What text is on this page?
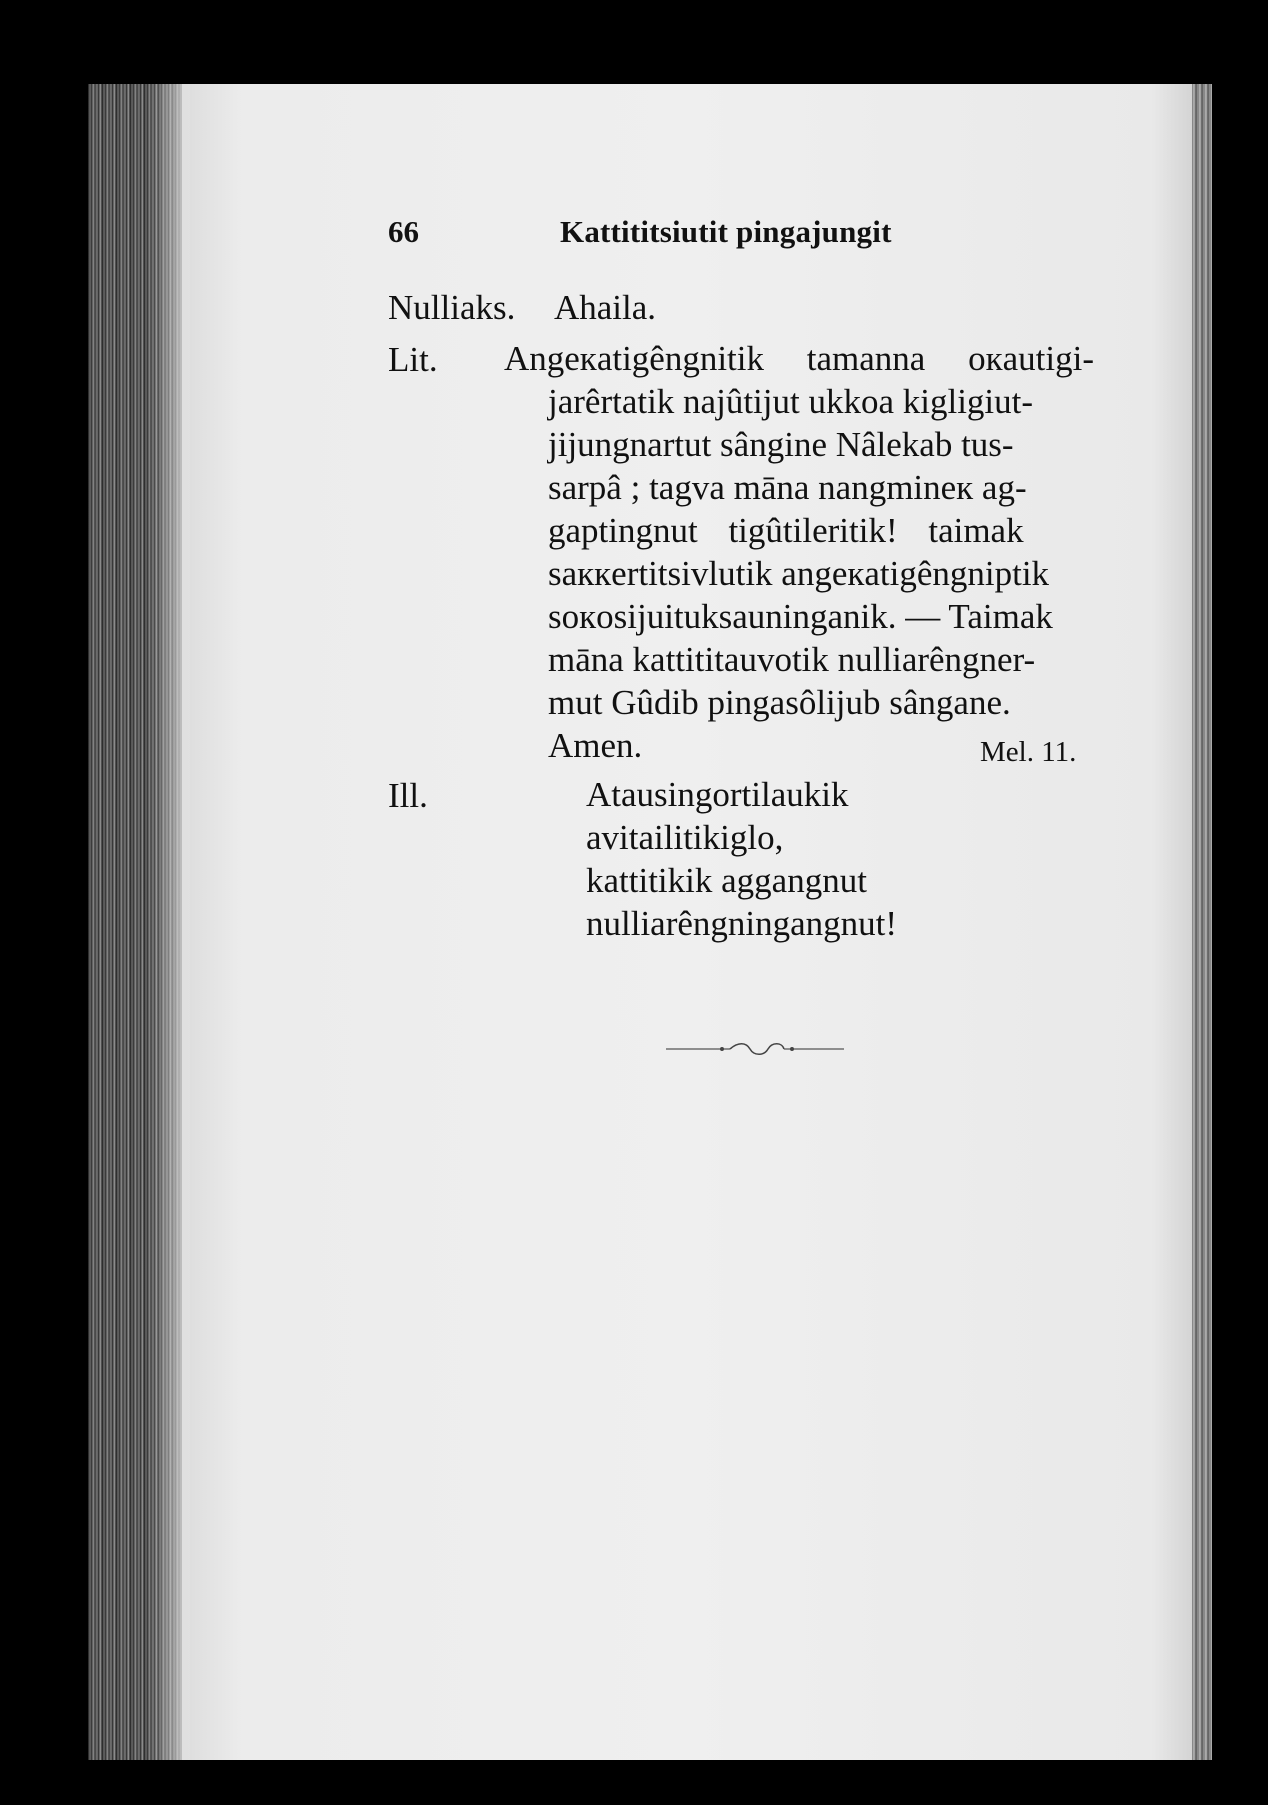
66	Kattititsiutit pingajungit
Nulliaks. Ahaila.
Lit. Angeкatigêngnitik tamanna oкautigi-
jarêrtatik najûtijut ukkoa kigligiut-
jijungnartut sângine Nâlekab tus-
sarpâ ; tagva māna nangmineк ag-
gaptingnut tigûtileritik! taimak
saккertitsivlutik angeкatigêngniptik
soкosijuituksauninganik. — Taimak
māna kattititauvotik nulliarêngner-
mut Gûdib pingasôlijub sângane.
Amen.	Mel. 11.
Ill.	Atausingortilaukik
avitailitikiglo,
kattitikik aggangnut
nulliarêngningangnut!
